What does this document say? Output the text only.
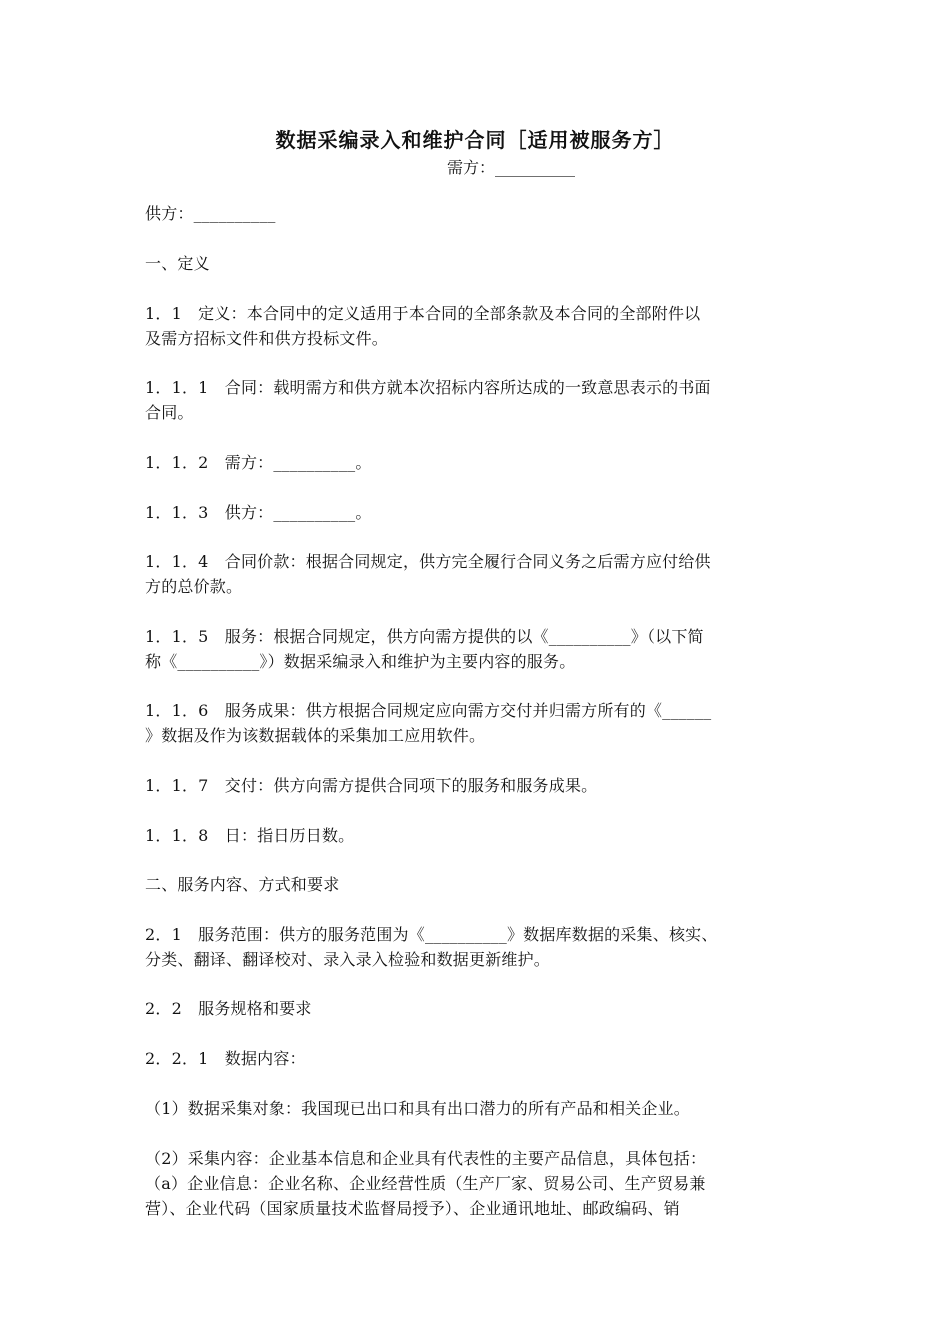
数据采编录入和维护合同［适用被服务方］
需方：__________
供方：__________
一、定义
1．1　定义：本合同中的定义适用于本合同的全部条款及本合同的全部附件以
及需方招标文件和供方投标文件。
1．1．1　合同：载明需方和供方就本次招标内容所达成的一致意思表示的书面
合同。
1．1．2　需方：__________。
1．1．3　供方：__________。
1．1．4　合同价款：根据合同规定，供方完全履行合同义务之后需方应付给供
方的总价款。
1．1．5　服务：根据合同规定，供方向需方提供的以《__________》（以下简
称《__________》）数据采编录入和维护为主要内容的服务。
1．1．6　服务成果：供方根据合同规定应向需方交付并归需方所有的《______
》数据及作为该数据载体的采集加工应用软件。
1．1．7　交付：供方向需方提供合同项下的服务和服务成果。
1．1．8　日：指日历日数。
二、服务内容、方式和要求
2．1　服务范围：供方的服务范围为《__________》数据库数据的采集、核实、
分类、翻译、翻译校对、录入录入检验和数据更新维护。
2．2　服务规格和要求
2．2．1　数据内容：
（1）数据采集对象：我国现已出口和具有出口潜力的所有产品和相关企业。
（2）采集内容：企业基本信息和企业具有代表性的主要产品信息，具体包括：
（a）企业信息：企业名称、企业经营性质（生产厂家、贸易公司、生产贸易兼
营）、企业代码（国家质量技术监督局授予）、企业通讯地址、邮政编码、销
